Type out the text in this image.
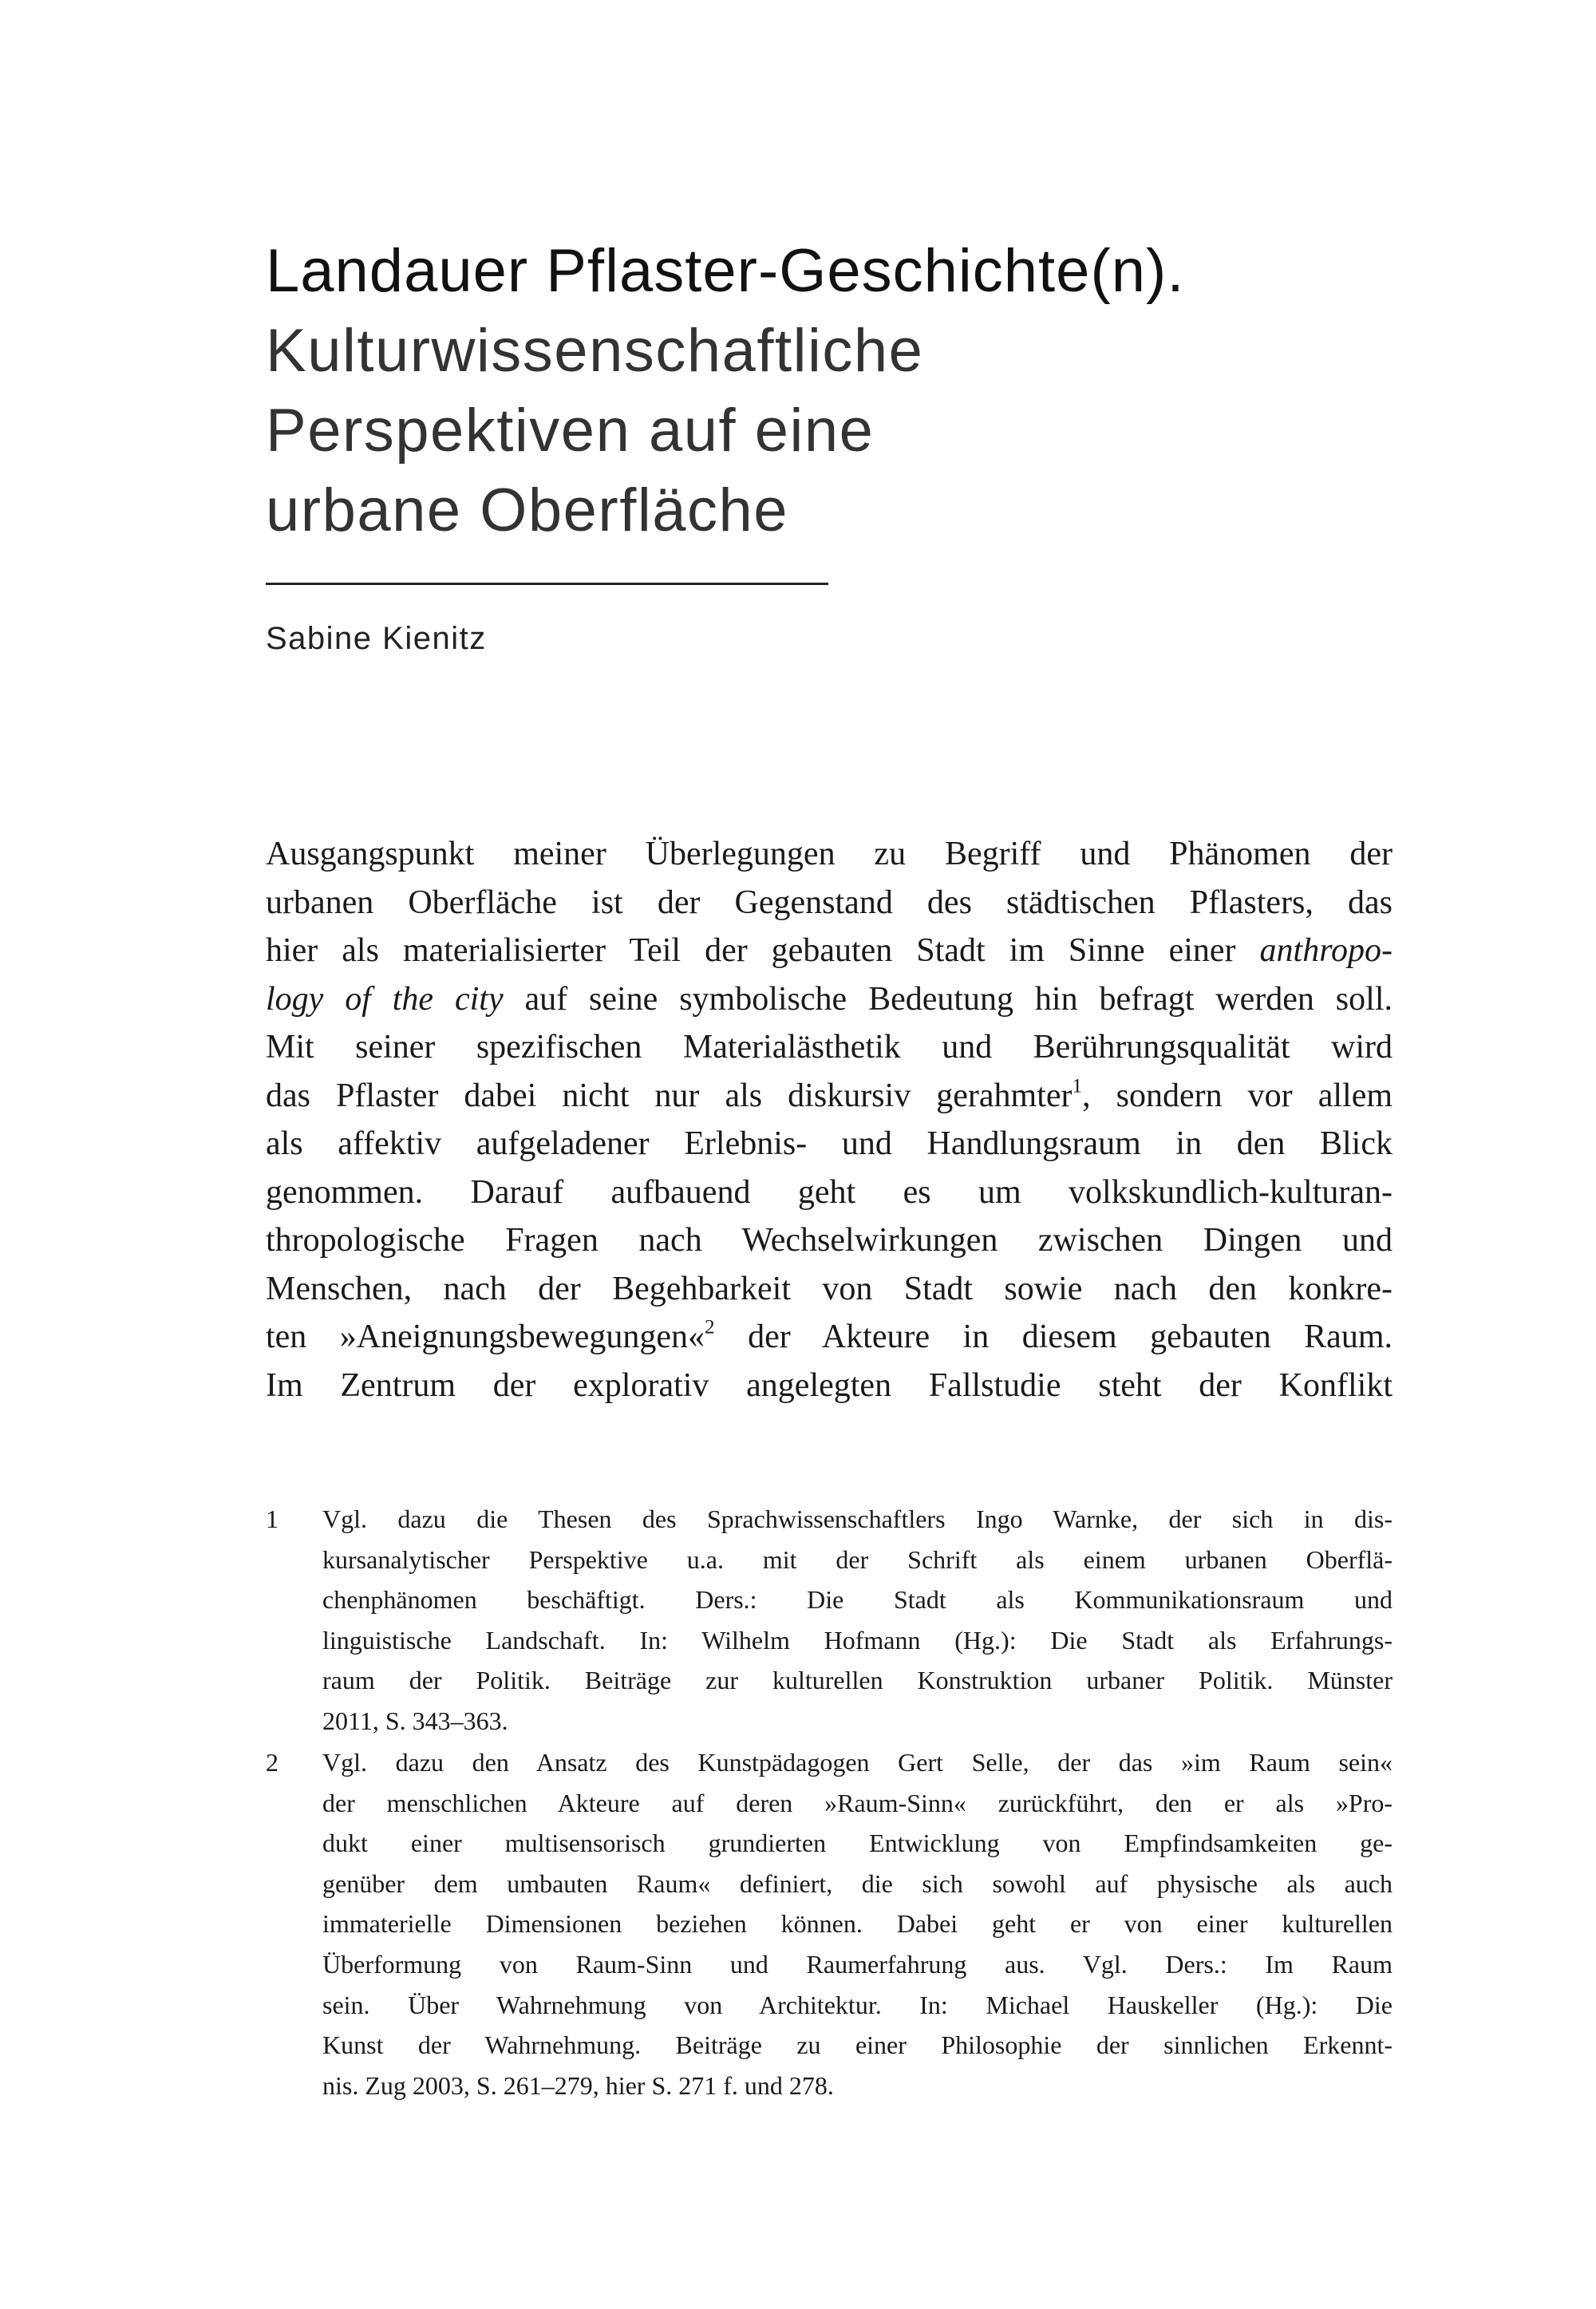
Landauer Pflaster-Geschichte(n).
Kulturwissenschaftliche
Perspektiven auf eine
urbane Oberfläche
Sabine Kienitz
Ausgangspunkt meiner Überlegungen zu Begriff und Phänomen der
urbanen Oberfläche ist der Gegenstand des städtischen Pflasters, das
hier als materialisierter Teil der gebauten Stadt im Sinne einer anthropo-
logy of the city auf seine symbolische Bedeutung hin befragt werden soll.
Mit seiner spezifischen Materialästhetik und Berührungsqualität wird
das Pflaster dabei nicht nur als diskursiv gerahmter$^1$, sondern vor allem
als affektiv aufgeladener Erlebnis- und Handlungsraum in den Blick
genommen. Darauf aufbauend geht es um volkskundlich-kulturan-
thropologische Fragen nach Wechselwirkungen zwischen Dingen und
Menschen, nach der Begehbarkeit von Stadt sowie nach den konkre-
ten »Aneignungsbewegungen«$^2$ der Akteure in diesem gebauten Raum.
Im Zentrum der explorativ angelegten Fallstudie steht der Konflikt
1 Vgl. dazu die Thesen des Sprachwissenschaftlers Ingo Warnke, der sich in dis-
kursanalytischer Perspektive u.a. mit der Schrift als einem urbanen Oberflä-
chenphänomen beschäftigt. Ders.: Die Stadt als Kommunikationsraum und
linguistische Landschaft. In: Wilhelm Hofmann (Hg.): Die Stadt als Erfahrungs-
raum der Politik. Beiträge zur kulturellen Konstruktion urbaner Politik. Münster
2011, S. 343–363.
2 Vgl. dazu den Ansatz des Kunstpädagogen Gert Selle, der das »im Raum sein«
der menschlichen Akteure auf deren »Raum-Sinn« zurückführt, den er als »Pro-
dukt einer multisensorisch grundierten Entwicklung von Empfindsamkeiten ge-
genüber dem umbauten Raum« definiert, die sich sowohl auf physische als auch
immaterielle Dimensionen beziehen können. Dabei geht er von einer kulturellen
Überformung von Raum-Sinn und Raumerfahrung aus. Vgl. Ders.: Im Raum
sein. Über Wahrnehmung von Architektur. In: Michael Hauskeller (Hg.): Die
Kunst der Wahrnehmung. Beiträge zu einer Philosophie der sinnlichen Erkennt-
nis. Zug 2003, S. 261–279, hier S. 271 f. und 278.
